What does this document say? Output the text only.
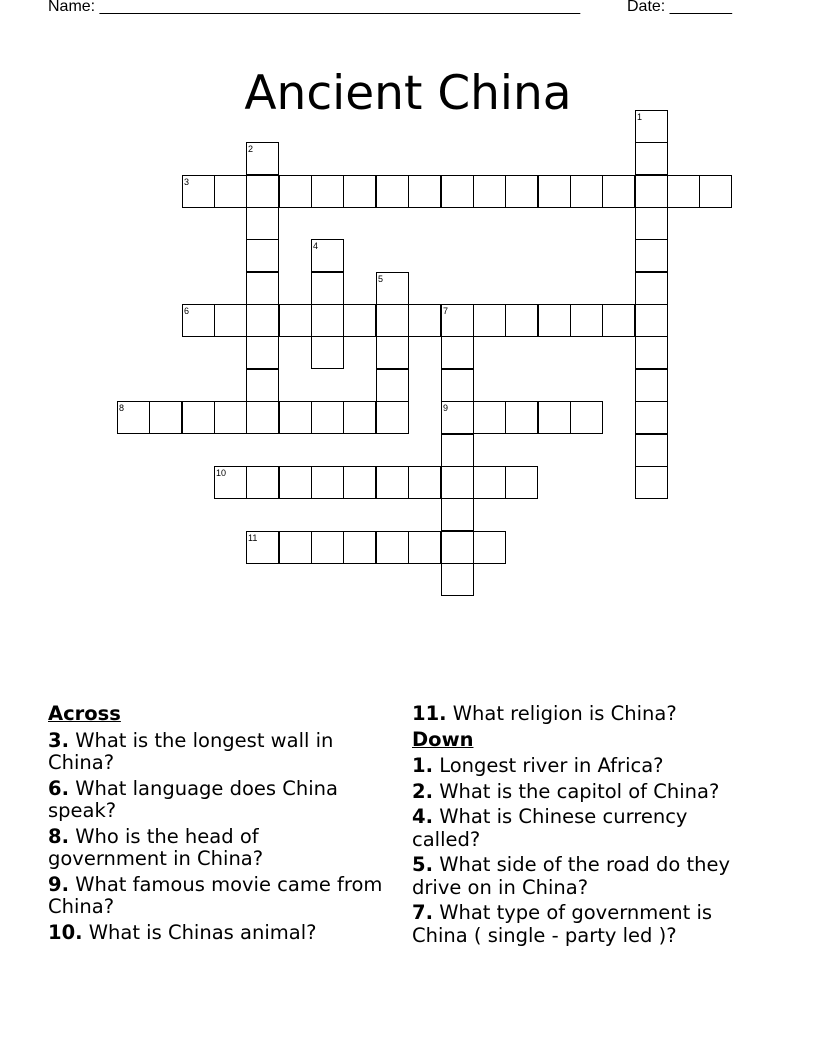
Name: ______________________________________________________	Date: _______
Ancient China	1
2
3
4
5
6	7
8	9
10
11
Across
3. What is the longest wall in China?
6. What language does China speak?
8. Who is the head of government in China?
9. What famous movie came from China?
10. What is Chinas animal?
11. What religion is China?
Down
1. Longest river in Africa?
2. What is the capitol of China?
4. What is Chinese currency called?
5. What side of the road do they drive on in China?
7. What type of government is China ( single - party led )?
